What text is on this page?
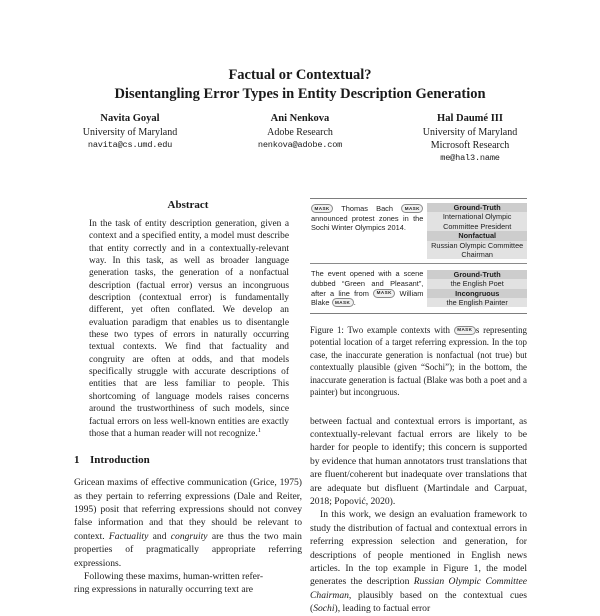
Factual or Contextual?
Disentangling Error Types in Entity Description Generation
Navita Goyal
University of Maryland
navita@cs.umd.edu
Ani Nenkova
Adobe Research
nenkova@adobe.com
Hal Daumé III
University of Maryland
Microsoft Research
me@hal3.name
Abstract

In the task of entity description generation, given a context and a specified entity, a model must describe that entity correctly and in a contextually-relevant way. In this task, as well as broader language generation tasks, the generation of a nonfactual description (factual error) versus an incongruous description (contextual error) is fundamentally different, yet often conflated. We develop an evaluation paradigm that enables us to disentangle these two types of errors in naturally occurring textual contexts. We find that factuality and congruity are often at odds, and that models specifically struggle with accurate descriptions of entities that are less familiar to people. This shortcoming of language models raises concerns around the trustworthiness of such models, since factual errors on less well-known entities are exactly those that a human reader will not recognize.$^1$

1 Introduction

Gricean maxims of effective communication (Grice, 1975) as they pertain to referring expressions (Dale and Reiter, 1995) posit that referring expressions should not convey false information and that they should be relevant to context. Factuality and congruity are thus the two main properties of pragmatically appropriate referring expressions.

Following these maxims, human-written refer-
ring expressions in naturally occurring text are

MASK Thomas Bach MASK announced protest zones in the Sochi Winter Olympics 2014.
Ground-Truth
International Olympic Committee President
Nonfactual
Russian Olympic Committee Chairman
The event opened with a scene dubbed “Green and Pleasant”, after a line from MASK William Blake MASK .
Ground-Truth
the English Poet
Incongruous
the English Painter

Figure 1: Two example contexts with MASK s representing potential location of a target referring expression. In the top case, the inaccurate generation is nonfactual (not true) but contextually plausible (given “Sochi”); in the bottom, the inaccurate generation is factual (Blake was both a poet and a painter) but incongruous.

between factual and contextual errors is important, as contextually-relevant factual errors are likely to be harder for people to identify; this concern is supported by evidence that human annotators trust translations that are fluent/coherent but inadequate over translations that are adequate but disfluent (Martindale and Carpuat, 2018; Popović, 2020).

In this work, we design an evaluation framework to study the distribution of factual and contextual errors in referring expression selection and generation, for descriptions of people mentioned in English news articles. In the top example in Figure 1, the model generates the description Russian Olympic Committee Chairman, plausibly based on the contextual cues (Sochi), leading to factual error
